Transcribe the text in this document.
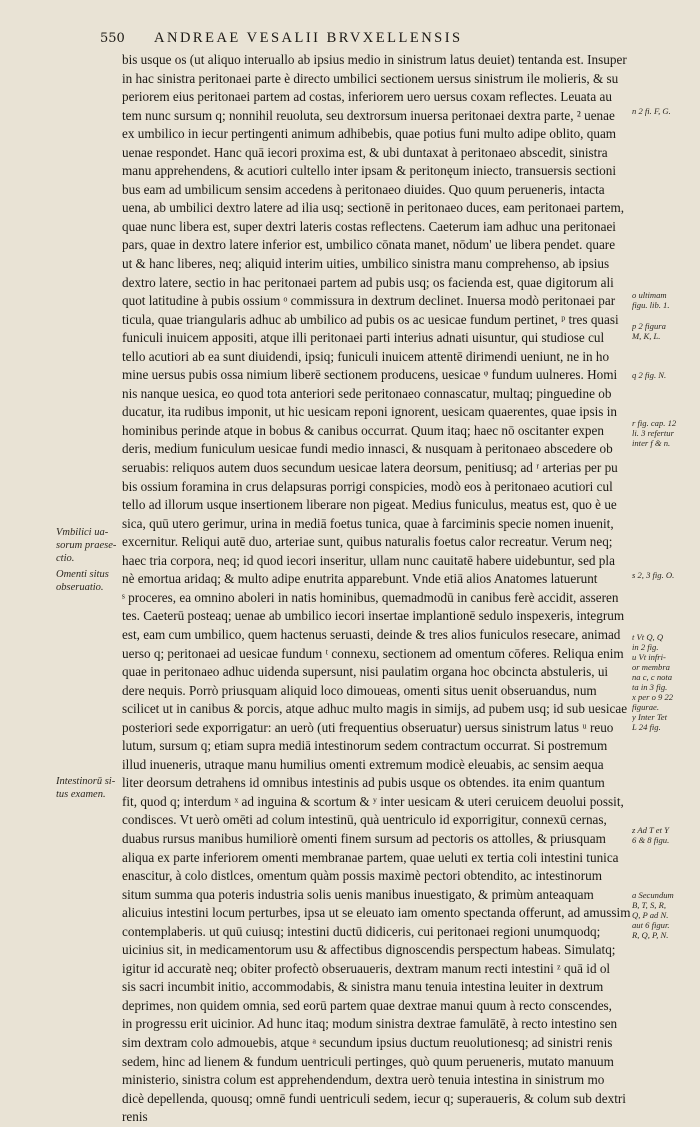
550	ANDREAE VESALII BRVXELLENSIS
bis usque os (ut aliquo interuallo ab ipsius medio in sinistrum latus deuiet) tentanda est. Insuper
in hac sinistra peritonaei parte è directo umbilici sectionem uersus sinistrum ile molieris, & su
periorem eius peritonaei partem ad costas, inferiorem uero uersus coxam reflectes. Leuata au
tem nunc sursum q; nonnihil reuoluta, seu dextrorsum inuersa peritonaei dextra parte, ² uenae
ex umbilico in iecur pertingenti animum adhibebis, quae potius funi multo adipe oblito, quam
uenae respondet. Hanc quā iecori proxima est, & ubi duntaxat à peritonaeo abscedit, sinistra
manu apprehendens, & acutiori cultello inter ipsam & peritonęum iniecto, transuersis sectioni
bus eam ad umbilicum sensim accedens à peritonaeo diuides. Quo quum perueneris, intacta
uena, ab umbilici dextro latere ad ilia usq; sectionē in peritonaeo duces, eam peritonaei partem,
quae nunc libera est, super dextri lateris costas reflectens. Caeterum iam adhuc una peritonaei
pars, quae in dextro latere inferior est, umbilico cōnata manet, nōdum' ue libera pendet. quare
ut & hanc liberes, neq; aliquid interim uities, umbilico sinistra manu comprehenso, ab ipsius
dextro latere, sectio in hac peritonaei partem ad pubis usq; os facienda est, quae digitorum ali
quot latitudine à pubis ossium ᵒ commissura in dextrum declinet. Inuersa modò peritonaei par
ticula, quae triangularis adhuc ab umbilico ad pubis os ac uesicae fundum pertinet, ᵖ tres quasi
funiculi inuicem appositi, atque illi peritonaei parti interius adnati uisuntur, qui studiose cul
tello acutiori ab ea sunt diuidendi, ipsiq; funiculi inuicem attentē dirimendi ueniunt, ne in ho
mine uersus pubis ossa nimium liberē sectionem producens, uesicae ᵠ fundum uulneres. Homi
nis nanque uesica, eo quod tota anteriori sede peritonaeo connascatur, multaq; pinguedine ob
ducatur, ita rudibus imponit, ut hic uesicam reponi ignorent, uesicam quaerentes, quae ipsis in
hominibus perinde atque in bobus & canibus occurrat. Quum itaq; haec nō oscitanter expen
deris, medium funiculum uesicae fundi medio innasci, & nusquam à peritonaeo abscedere ob
seruabis: reliquos autem duos secundum uesicae latera deorsum, penitiusq; ad ʳ arterias per pu
bis ossium foramina in crus delapsuras porrigi conspicies, modò eos à peritonaeo acutiori cul
tello ad illorum usque insertionem liberare non pigeat. Medius funiculus, meatus est, quo è ue
sica, quū utero gerimur, urina in mediā foetus tunica, quae à farciminis specie nomen inuenit,
excernitur. Reliqui autē duo, arteriae sunt, quibus naturalis foetus calor recreatur. Verum neq;
haec tria corpora, neq; id quod iecori inseritur, ullam nunc cauitatē habere uidebuntur, sed pla
nè emortua aridaq; & multo adipe enutrita apparebunt. Vnde etiā alios Anatomes latuerunt
ˢ proceres, ea omnino aboleri in natis hominibus, quemadmodū in canibus ferè accidit, asseren
tes. Caeterū posteaq; uenae ab umbilico iecori insertae implantionē sedulo inspexeris, integrum
est, eam cum umbilico, quem hactenus seruasti, deinde & tres alios funiculos resecare, animad
uerso q; peritonaei ad uesicae fundum ᵗ connexu, sectionem ad omentum cōferes. Reliqua enim
quae in peritonaeo adhuc uidenda supersunt, nisi paulatim organa hoc obcincta abstuleris, ui
dere nequis. Porrò priusquam aliquid loco dimoueas, omenti situs uenit obseruandus, num
scilicet ut in canibus & porcis, atque adhuc multo magis in simijs, ad pubem usq; id sub uesicae
posteriori sede exporrigatur: an uerò (uti frequentius obseruatur) uersus sinistrum latus ᵘ reuo
lutum, sursum q; etiam supra mediā intestinorum sedem contractum occurrat. Si postremum
illud inueneris, utraque manu humilius omenti extremum modicè eleuabis, ac sensim aequa
liter deorsum detrahens id omnibus intestinis ad pubis usque os obtendes. ita enim quantum
fit, quod q; interdum ˣ ad inguina & scortum & ʸ inter uesicam & uteri ceruicem deuolui possit,
condisces. Vt uerò omēti ad colum intestinū, quà uentriculo id exporrigitur, connexū cernas,
duabus rursus manibus humiliorè omenti finem sursum ad pectoris os attolles, & priusquam
aliqua ex parte inferiorem omenti membranae partem, quae ueluti ex tertia coli intestini tunica
enascitur, à colo distlces, omentum quàm possis maximè pectori obtendito, ac intestinorum
situm summa qua poteris industria solis uenis manibus inuestigato, & primùm anteaquam
alicuius intestini locum perturbes, ipsa ut se eleuato iam omento spectanda offerunt, ad amussim
contemplaberis. ut quū cuiusq; intestini ductū didiceris, cui peritonaei regioni unumquodq;
uicinius sit, in medicamentorum usu & affectibus dignoscendis perspectum habeas. Simulatq;
igitur id accuratè neq; obiter profectò obseruaueris, dextram manum recti intestini ᶻ quā id ol
sis sacri incumbit initio, accommodabis, & sinistra manu tenuia intestina leuiter in dextrum
deprimes, non quidem omnia, sed eorū partem quae dextrae manui quum à recto conscendes,
in progressu erit uicinior. Ad hunc itaq; modum sinistra dextrae famulātē, à recto intestino sen
sim dextram colo admouebis, atque ᵃ secundum ipsius ductum reuolutionesq; ad sinistri renis
sedem, hinc ad lienem & fundum uentriculi pertinges, quò quum perueneris, mutato manuum
ministerio, sinistra colum est apprehendendum, dextra uerò tenuia intestina in sinistrum mo
dicè depellenda, quousq; omnē fundi uentriculi sedem, iecur q; superaueris, & colum sub dextri
renis
Vmbilici ua-
sorum praese-
ctio.
Omenti situs
obseruatio.
Intestinorū si-
tus examen.
n 2 fi. F, G.
o ultimam
figu. lib. 1.
p 2 figura
M, K, L.
q 2 fig. N.
r fig. cap. 12
li. 3 refertur
inter f & n.
s 2, 3 fig. O.
t Vt Q, Q
in 2 fig.
u Vt infri-
or membra
na c, c nota
ta in 3 fig.
x per o 9 22
figurae.
y Inter Tet
L 24 fig.
z Ad T et Y
6 & 8 figu.
a Secundum
B, T, S, R,
Q, P ad N.
aut 6 figur.
R, Q, P, N.
